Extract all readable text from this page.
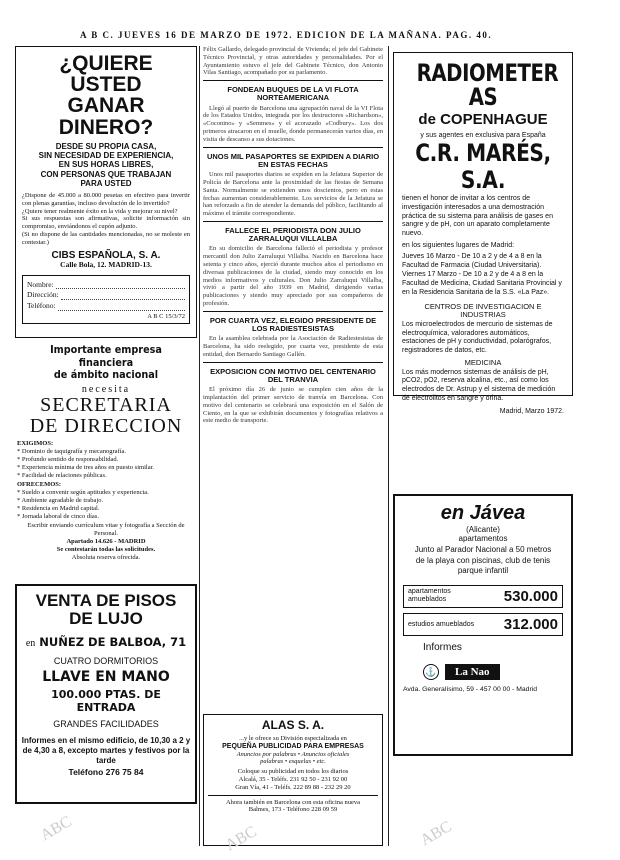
A B C. JUEVES 16 DE MARZO DE 1972. EDICION DE LA MAÑANA. PAG. 40.
¿QUIERE USTED
GANAR DINERO?
DESDE SU PROPIA CASA,
SIN NECESIDAD DE EXPERIENCIA,
EN SUS HORAS LIBRES,
CON PERSONAS QUE TRABAJAN
PARA USTED

¿Dispone de 45.000 a 80.000 pesetas en efectivo para invertir con plenas garantías, incluso devolución de lo invertido?

¿Quiere tener realmente éxito en la vida y mejorar su nivel?

Si sus respuestas son afirmativas, solicite información sin compromiso, enviándonos el cupón adjunto.

(Si no dispone de las cantidades mencionadas, no se moleste en contestar.)

CIBS ESPAÑOLA, S. A.
Calle Bola, 12. MADRID-13.
Nombre:
Dirección:
Teléfono:
A B C 15/3/72
Importante empresa financiera
de ámbito nacional
necesita
SECRETARIA
DE DIRECCION
EXIGIMOS:
* Dominio de taquigrafía y mecanografía.
* Profundo sentido de responsabilidad.
* Experiencia mínima de tres años en puesto similar.
* Facilidad de relaciones públicas.
OFRECEMOS:
* Sueldo a convenir según aptitudes y experiencia.
* Ambiente agradable de trabajo.
* Residencia en Madrid capital.
* Jornada laboral de cinco días.
Escribir enviando currículum vitae y fotografía a Sección de Personal.
Apartado 14.626 - MADRID
Se contestarán todas las solicitudes.
Absoluta reserva ofrecida.
VENTA DE PISOS
DE LUJO
en NUÑEZ DE BALBOA, 71
CUATRO DORMITORIOS
LLAVE EN MANO
100.000 PTAS. DE ENTRADA
GRANDES FACILIDADES
Informes en el mismo edificio, de 10,30 a 2 y de 4,30 a 8, excepto martes y festivos por la tarde
Teléfono 276 75 84

Félix Gallardo, delegado provincial de Vivienda; el jefe del Gabinete Técnico Provincial, y otras autoridades y personalidades. Por el Ayuntamiento estuvo el jefe del Gabinete Técnico, don Antonio Vilas Santiago, acompañado por su parlamento.

FONDEAN BUQUES DE LA VI FLOTA NORTEAMERICANA

Llegó al puerto de Barcelona una agrupación naval de la VI Flota de los Estados Unidos, integrada por los destructores «Richardson», «Coconino» y «Semmes» y el acorazado «Codbury». Los dos primeros atracaron en el muelle, donde permanecerán varios días, en visita de descanso a sus dotaciones.

UNOS MIL PASAPORTES SE EXPIDEN A DIARIO EN ESTAS FECHAS

Unos mil pasaportes diarios se expiden en la Jefatura Superior de Policía de Barcelona ante la proximidad de las fiestas de Semana Santa. Normalmente se extienden unos doscientos, pero en estas fechas aumentan considerablemente. Los servicios de la Jefatura se han reforzado a fin de atender la demanda del público, facilitando al máximo el trámite correspondiente.

FALLECE EL PERIODISTA DON JULIO ZARRALUQUI VILLALBA

En su domicilio de Barcelona falleció el periodista y profesor mercantil don Julio Zarraluqui Villalba. Nacido en Barcelona hace setenta y cinco años, ejerció durante muchos años el periodismo en diversas publicaciones de la ciudad, siendo muy conocido en los medios informativos y culturales. Don Julio Zarraluqui Villalba, vivió a partir del año 1939 en Madrid, dirigiendo varias publicaciones y siendo muy apreciado por sus compañeros de profesión.

POR CUARTA VEZ, ELEGIDO PRESIDENTE DE LOS RADIESTESISTAS

En la asamblea celebrada por la Asociación de Radiestesistas de Barcelona, ha sido reelegido, por cuarta vez, presidente de esta entidad, don Bernardo Santiago Gallén.

EXPOSICION CON MOTIVO DEL CENTENARIO DEL TRANVIA

El próximo día 26 de junio se cumplen cien años de la implantación del primer servicio de tranvía en Barcelona. Con motivo del centenario se celebrará una exposición en el Salón de Ciento, en la que se exhibirán documentos y fotografías relativos a este medio de transporte.

ALAS S. A.
...y le ofrece su División especializada en
PEQUEÑA PUBLICIDAD PARA EMPRESAS
Anuncios por palabras • Anuncios oficiales
palabras • esquelas • etc.
Coloque su publicidad en todos los diarios
Alcalá, 35 - Teléfs. 231 92 50 - 231 92 00
Gran Vía, 41 - Teléfs. 222 89 88 - 232 29 20
Ahora también en Barcelona con esta oficina nueva
Balmes, 173 - Teléfono 228 09 59
RADIOMETER AS
de COPENHAGUE
y sus agentes en exclusiva para España
C.R. MARÉS, S.A.

tienen el honor de invitar a los centros de investigación interesados a una demostración práctica de su sistema para análisis de gases en sangre y de pH, con un aparato completamente nuevo.

en los siguientes lugares de Madrid:

Jueves 16 Marzo - De 10 a 2 y de 4 a 8 en la Facultad de Farmacia (Ciudad Universitaria).

Viernes 17 Marzo - De 10 a 2 y de 4 a 8 en la Facultad de Medicina, Ciudad Sanitaria Provincial y en la Residencia Sanitaria de la S.S. «La Paz».

CENTROS DE INVESTIGACION E INDUSTRIAS

Los microelectrodos de mercurio de sistemas de electroquímica, valoradores automáticos, estaciones de pH y conductividad, polarógrafos, registradores de datos, etc.

MEDICINA

Los más modernos sistemas de análisis de pH, pCO2, pO2, reserva alcalina, etc., así como los electrodos de Dr. Astrup y el sistema de medición de electrolitos en sangre y orina.

Madrid, Marzo 1972.
en Jávea
(Alicante)
apartamentos

Junto al Parador Nacional a 50 metros de la playa con piscinas, club de tenis parque infantil

apartamentos amueblados	530.000
estudios amueblados 312.000
Informes
⚓	La Nao
Avda. Generalísimo, 59 - 457 00 00 - Madrid
ABC	ABC
ABC
